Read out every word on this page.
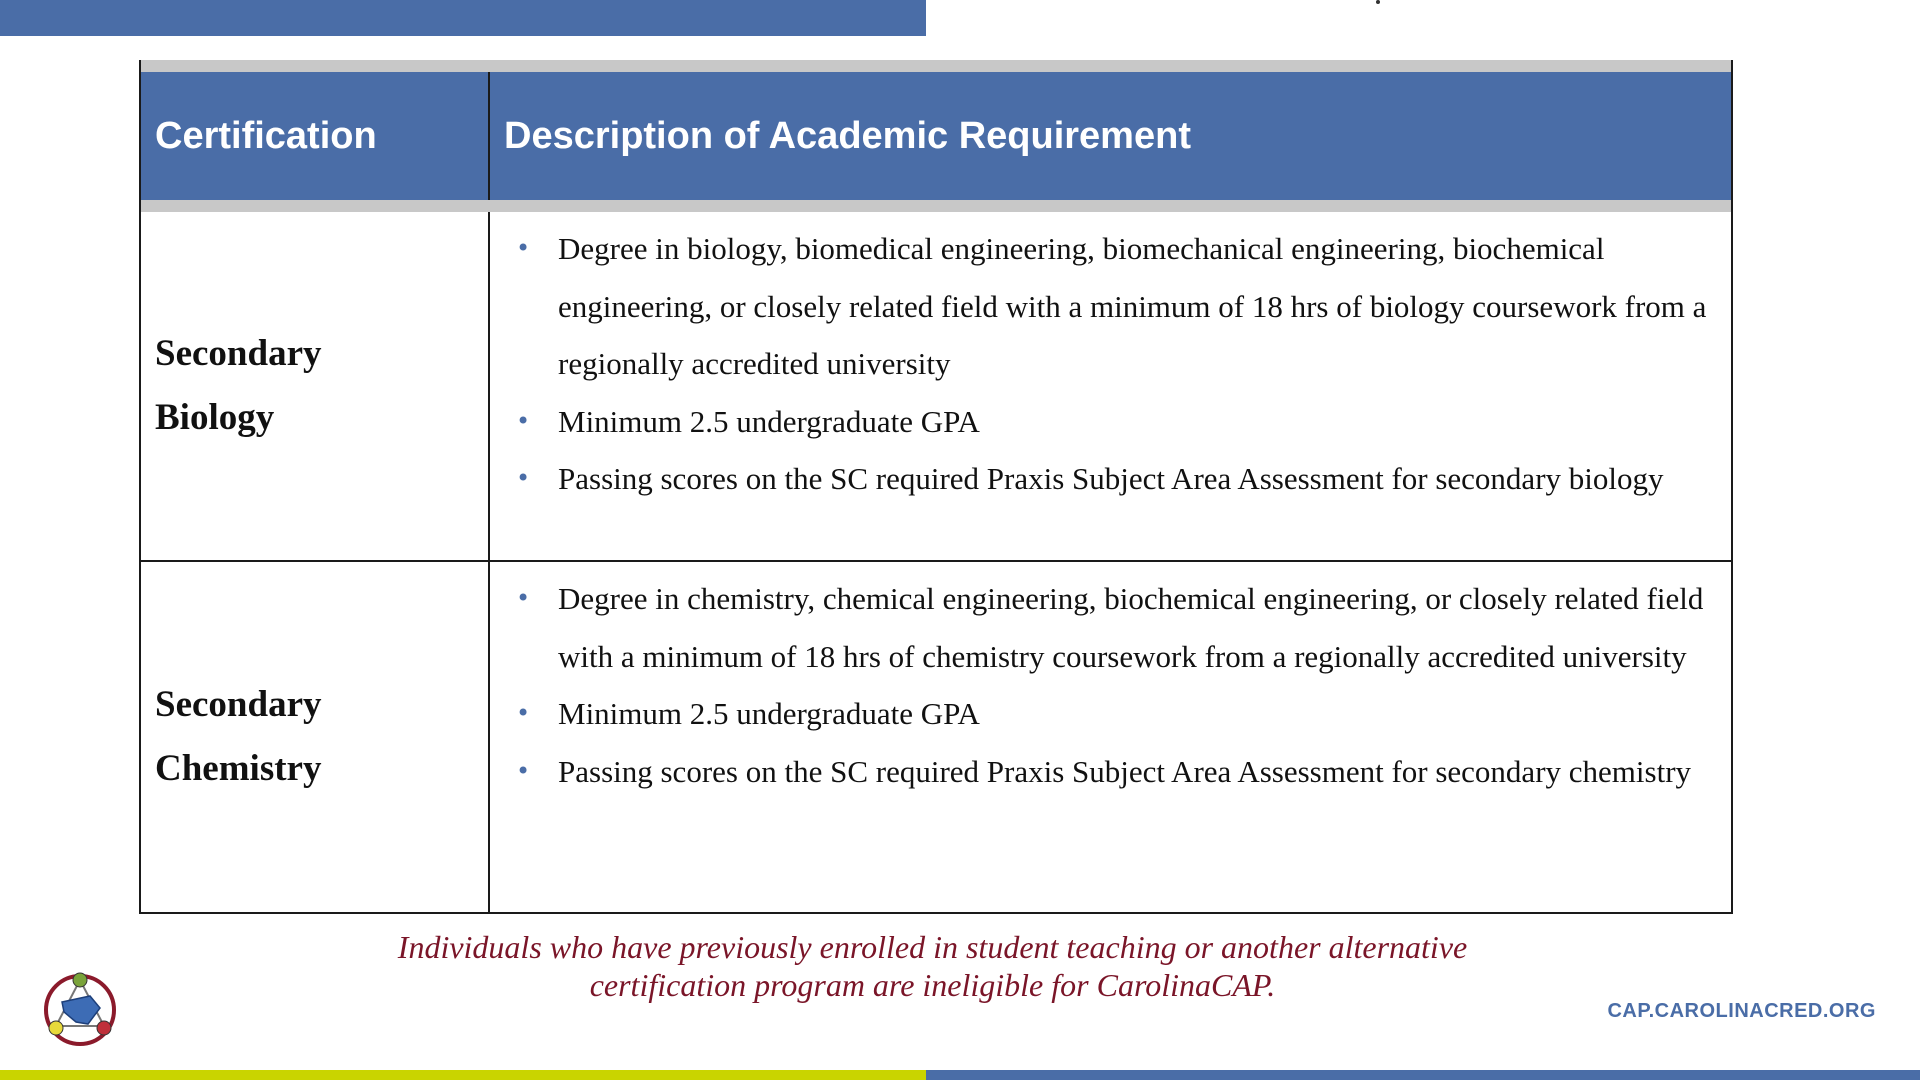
Certification	Description of Academic Requirement
Secondary
Biology
• Degree in biology, biomedical engineering, biomechanical engineering, biochemical engineering, or closely related field with a minimum of 18 hrs of biology coursework from a regionally accredited university
• Minimum 2.5 undergraduate GPA
• Passing scores on the SC required Praxis Subject Area Assessment for secondary biology
Secondary
Chemistry
• Degree in chemistry, chemical engineering, biochemical engineering, or closely related field with a minimum of 18 hrs of chemistry coursework from a regionally accredited university
• Minimum 2.5 undergraduate GPA
• Passing scores on the SC required Praxis Subject Area Assessment for secondary chemistry
Individuals who have previously enrolled in student teaching or another alternative
certification program are ineligible for CarolinaCAP.
CAP.CAROLINACRED.ORG
